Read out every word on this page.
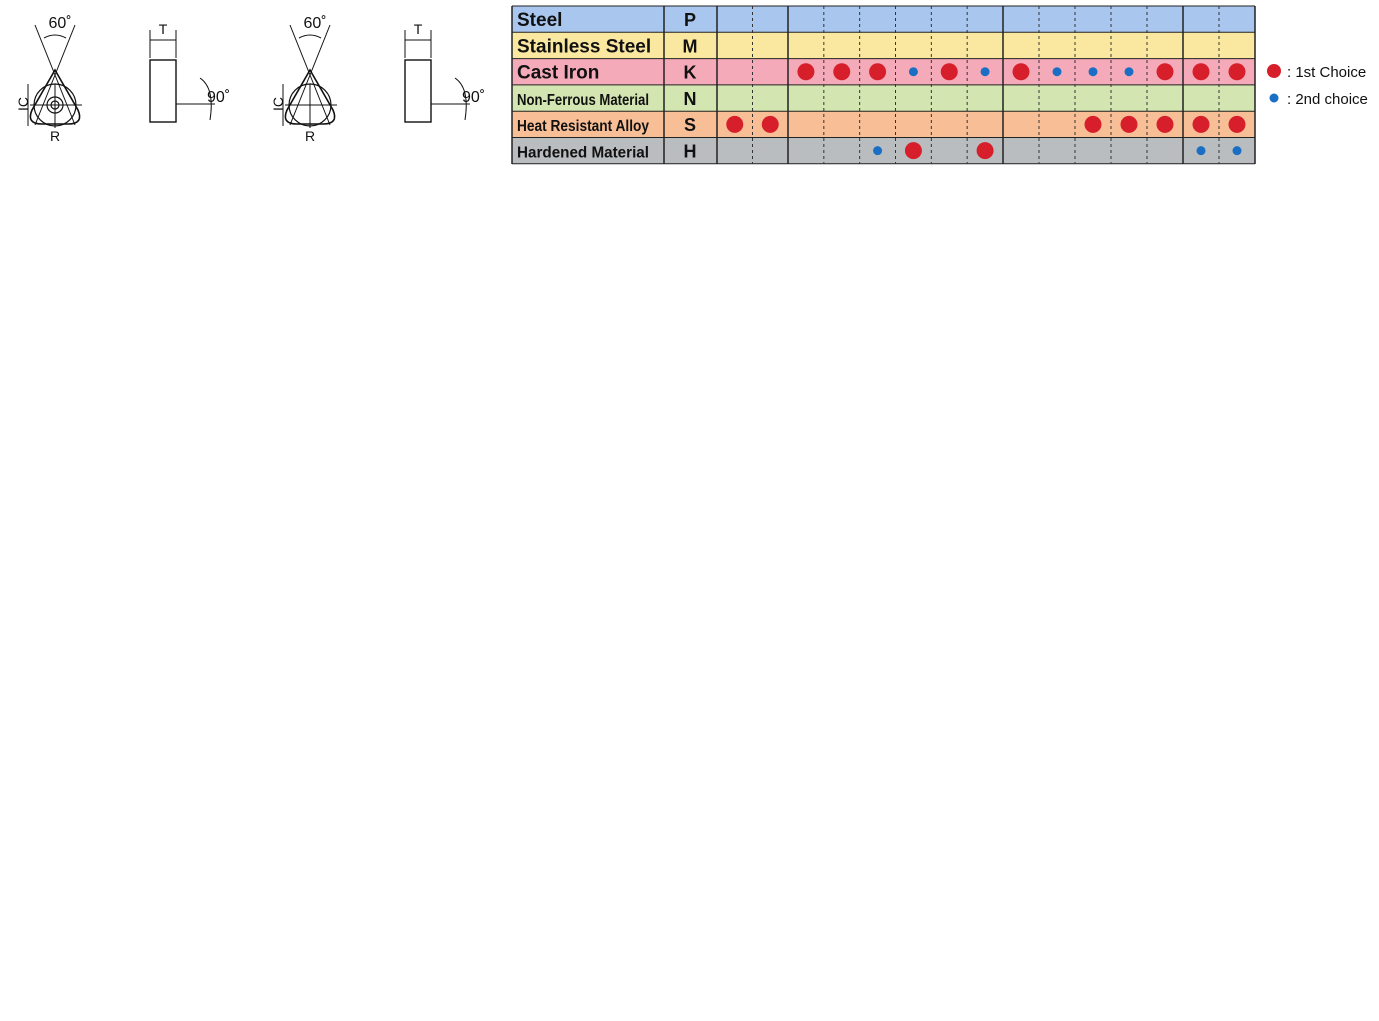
Steel	P
Stainless Steel M
Cast Iron	K
Non-Ferrous Material N
Heat Resistant Alloy S
Hardened Material H
: 1st Choice
: 2nd choice
60˚
IC
R
T
90˚
60˚
IC
R
T
90˚
